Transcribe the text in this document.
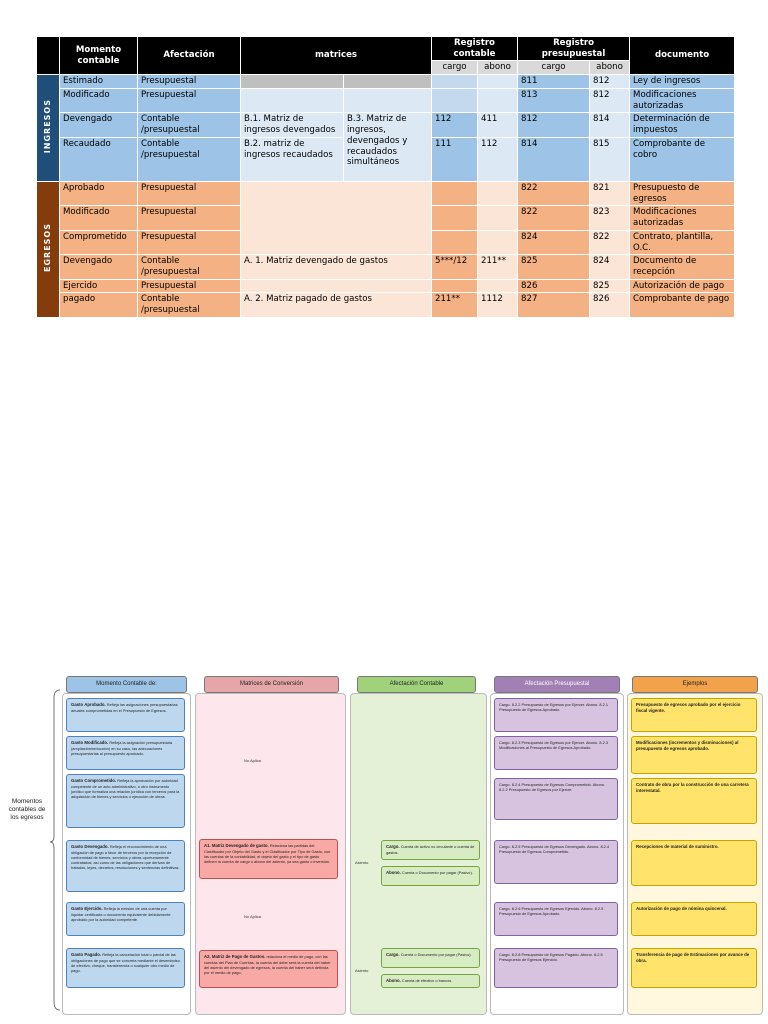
	Momento contable	Afectación	matrices		Registro contable		Registro presupuestal		documento
					cargo	abono	cargo	abono	
INGRESOS	Estimado	Presupuestal					811	812	Ley de ingresos
	Modificado	Presupuestal					813	812	Modificaciones autorizadas
	Devengado	Contable /presupuestal	B.1. Matriz de ingresos devengados	B.3. Matriz de ingresos, devengados y recaudados simultáneos	112	411	812	814	Determinación de impuestos
	Recaudado	Contable /presupuestal	B.2. matriz de ingresos recaudados		111	112	814	815	Comprobante de cobro
EGRESOS	Aprobado	Presupuestal					822	821	Presupuesto de egresos
	Modificado	Presupuestal					822	823	Modificaciones autorizadas
	Comprometido	Presupuestal					824	822	Contrato, plantilla, O.C.
	Devengado	Contable /presupuestal	A. 1. Matriz devengado de gastos		5***/12	211**	825	824	Documento de recepción
	Ejercido	Presupuestal					826	825	Autorización de pago
	pagado	Contable /presupuestal	A. 2. Matriz pagado de gastos		211**	1112	827	826	Comprobante de pago
Momentos contables de los egresos
Momento Contable de:	Matrices de Conversión	Afectación Contable	Afectación Presupuestal	Ejemplos
Gasto Aprobado. Refleja las asignaciones presupuestarias anuales comprometidas en el Presupuesto de Egresos.
Gasto Modificado. Refleja la asignación presupuestaria (ampliación/reducción) en su caso, las adecuaciones presupuestarias al presupuesto aprobado.
Gasto Comprometido. Refleja la aprobación por autoridad competente de un acto administrativo, u otro instrumento jurídico que formaliza una relación jurídica con terceros para la adquisición de bienes y servicios o ejecución de obras.
Gasto Devengado. Refleja el reconocimiento de una obligación de pago a favor de terceros por la recepción de conformidad de bienes, servicios y obras oportunamente contratados; así como de las obligaciones que derivan de tratados, leyes, decretos, resoluciones y sentencias definitivas.
Gasto Ejercido. Refleja la emisión de una cuenta por liquidar certificada o documento equivalente debidamente aprobado por la autoridad competente.
Gasto Pagado. Refleja la cancelación total o parcial de las obligaciones de pago que se concreta mediante el desembolso de efectivo, cheque, transferencia o cualquier otro medio de pago.
No Aplica
No Aplica
A1. Matriz Devengado de gasto. Relaciona las partidas del Clasificador por Objeto del Gasto y el Clasificador por Tipo de Gasto, con las cuentas de la contabilidad, el objeto del gasto y el tipo de gasto definen la cuenta de cargo o abono del asiento, ya sea gasto o inversión.
A2. Matriz de Pago de Gastos. relaciona el medio de pago, con las cuentas del Plan de Cuentas, la cuenta del debe será la cuenta del haber del asiento del devengado de egresos, la cuenta del haber será definida por el medio de pago.
Asiento
Asiento
Cargo. Cuenta de activo no circulante o cuenta de gastos.
Abono. Cuenta o Documento por pagar (Pasivo).
Cargo. Cuenta o Documento por pagar (Pasivo).
Abono. Cuenta de efectivo o bancos.
Cargo. 8.2.2 Presupuesto de Egresos por Ejercer. Abono. 8.2.1 Presupuesto de Egresos Aprobado.
Cargo. 8.2.3 Presupuesto de Egresos por Ejercer. Abono. 8.2.3 Modificaciones al Presupuesto de Egresos Aprobado.
Cargo. 8.2.4 Presupuesto de Egresos Comprometido. Abono. 8.2.2 Presupuesto de Egresos por Ejercer.
Cargo. 8.2.5 Presupuesto de Egresos Devengado. Abono. 8.2.4 Presupuesto de Egresos Comprometido.
Cargo. 8.2.6 Presupuesto de Egresos Ejercido. Abono. 8.2.5 Presupuesto de Egresos Aprobado.
Cargo. 8.2.8 Presupuesto de Egresos Pagado. Abono. 8.2.6 Presupuesto de Egresos Ejercido.
Presupuesto de egresos aprobado por el ejercicio fiscal vigente.
Modificaciones (incrementos y disminuciones) al presupuesto de egresos aprobado.
Contrato de obra por la construcción de una carretera interestatal.
Recepciones de material de suministro.
Autorización de pago de nómina quincenal.
Transferencia de pago de Estimaciones por avance de obra.
